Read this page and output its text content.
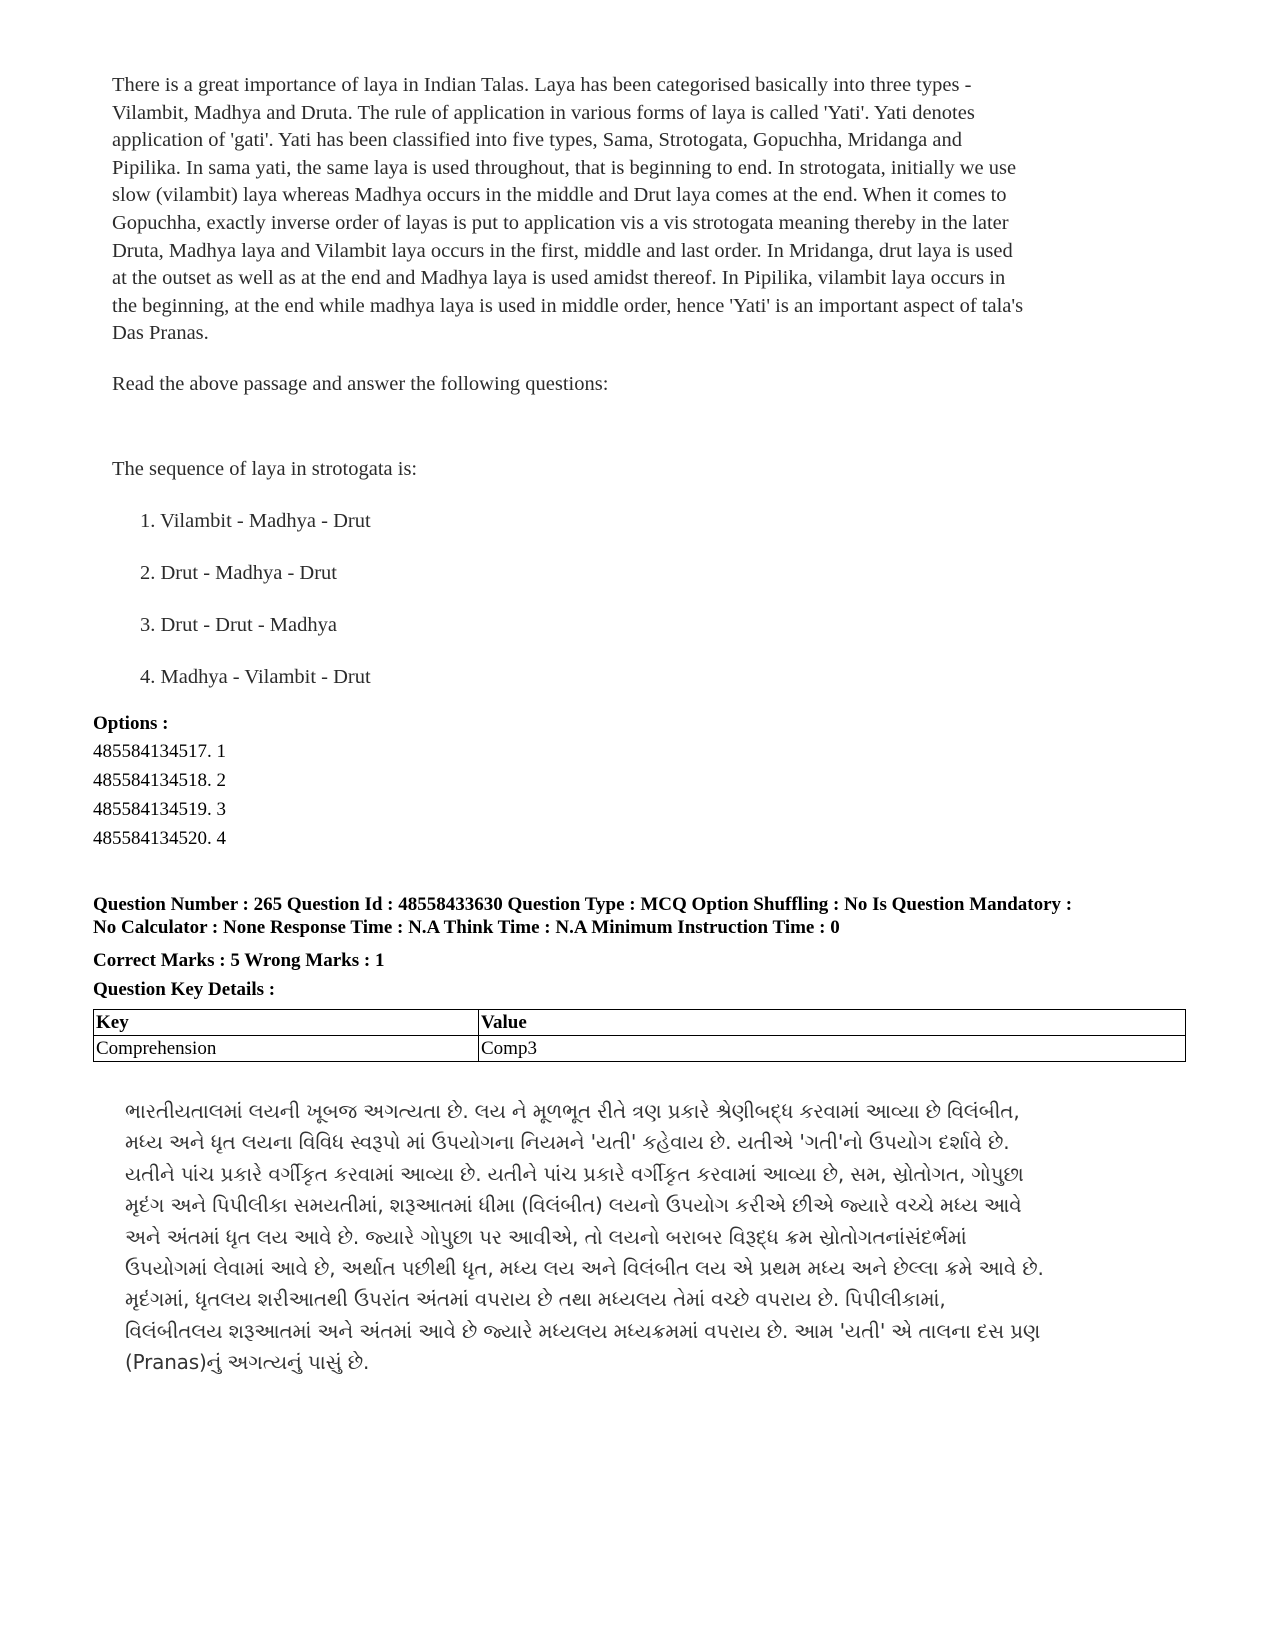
There is a great importance of laya in Indian Talas. Laya has been categorised basically into three types -
Vilambit, Madhya and Druta. The rule of application in various forms of laya is called 'Yati'. Yati denotes
application of 'gati'. Yati has been classified into five types, Sama, Strotogata, Gopuchha, Mridanga and
Pipilika. In sama yati, the same laya is used throughout, that is beginning to end. In strotogata, initially we use
slow (vilambit) laya whereas Madhya occurs in the middle and Drut laya comes at the end. When it comes to
Gopuchha, exactly inverse order of layas is put to application vis a vis strotogata meaning thereby in the later
Druta, Madhya laya and Vilambit laya occurs in the first, middle and last order. In Mridanga, drut laya is used
at the outset as well as at the end and Madhya laya is used amidst thereof. In Pipilika, vilambit laya occurs in
the beginning, at the end while madhya laya is used in middle order, hence 'Yati' is an important aspect of tala's
Das Pranas.
Read the above passage and answer the following questions:
The sequence of laya in strotogata is:
1. Vilambit - Madhya - Drut
2. Drut - Madhya - Drut
3. Drut - Drut - Madhya
4. Madhya - Vilambit - Drut
Options :
485584134517. 1
485584134518. 2
485584134519. 3
485584134520. 4
Question Number : 265 Question Id : 48558433630 Question Type : MCQ Option Shuffling : No Is Question Mandatory :
No Calculator : None Response Time : N.A Think Time : N.A Minimum Instruction Time : 0
Correct Marks : 5 Wrong Marks : 1
Question Key Details :
Key	Value
Comprehension	Comp3
ભારતીયતાલમાં લયની ખૂબજ અગત્યતા છે. લય ને મૂળભૂત રીતે ત્રણ પ્રકારે શ્રેણીબદ્ધ કરવામાં આવ્યા છે વિલંબીત,
મધ્ય અને ધૃત લયના વિવિધ સ્વરૂપો માં ઉપયોગના નિયમને 'યતી' કહેવાય છે. યતીએ 'ગતી'નો ઉપયોગ દર્શાવે છે.
યતીને પાંચ પ્રકારે વર્ગીકૃત કરવામાં આવ્યા છે. યતીને પાંચ પ્રકારે વર્ગીકૃત કરવામાં આવ્યા છે, સમ, સ્રોતોગત, ગોપુછા
મૃદંગ અને પિપીલીકા સમયતીમાં, શરૂઆતમાં ધીમા (વિલંબીત) લયનો ઉપયોગ કરીએ છીએ જ્યારે વચ્ચે મધ્ય આવે
અને અંતમાં ધૃત લય આવે છે. જ્યારે ગોપુછા પર આવીએ, તો લયનો બરાબર વિરૂદ્ધ ક્રમ સ્રોતોગતનાંસંદર્ભમાં
ઉપયોગમાં લેવામાં આવે છે, અર્થાત પછીથી ધૃત, મધ્ય લય અને વિલંબીત લય એ પ્રથમ મધ્ય અને છેલ્લા ક્રમે આવે છે.
મૃદંગમાં, ધૃતલય શરીઆતથી ઉપરાંત અંતમાં વપરાય છે તથા મધ્યલય તેમાં વચ્છે વપરાય છે. પિપીલીકામાં,
વિલંબીતલય શરૂઆતમાં અને અંતમાં આવે છે જ્યારે મધ્યલય મધ્યક્રમમાં વપરાય છે. આમ 'યતી' એ તાલના દસ પ્રણ
(Pranas)નું અગત્યનું પાસું છે.
